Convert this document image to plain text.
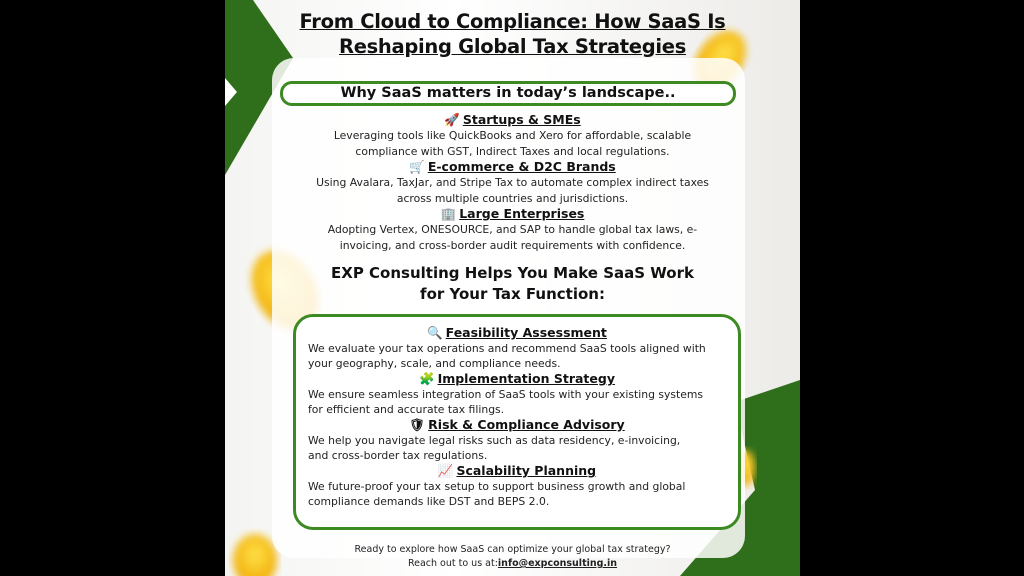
From Cloud to Compliance: How SaaS Is
Reshaping Global Tax Strategies
Why SaaS matters in today’s landscape..
🚀 Startups & SMEs
Leveraging tools like QuickBooks and Xero for affordable, scalable
compliance with GST, Indirect Taxes and local regulations.
🛒 E-commerce & D2C Brands
Using Avalara, TaxJar, and Stripe Tax to automate complex indirect taxes
across multiple countries and jurisdictions.
🏢 Large Enterprises
Adopting Vertex, ONESOURCE, and SAP to handle global tax laws, e-
invoicing, and cross-border audit requirements with confidence.
EXP Consulting Helps You Make SaaS Work
for Your Tax Function:
🔍 Feasibility Assessment
We evaluate your tax operations and recommend SaaS tools aligned with
your geography, scale, and compliance needs.
🧩 Implementation Strategy
We ensure seamless integration of SaaS tools with your existing systems
for efficient and accurate tax filings.
🛡 Risk & Compliance Advisory
We help you navigate legal risks such as data residency, e-invoicing,
and cross-border tax regulations.
📈 Scalability Planning
We future-proof your tax setup to support business growth and global
compliance demands like DST and BEPS 2.0.
Ready to explore how SaaS can optimize your global tax strategy?
Reach out to us at:info@expconsulting.in
